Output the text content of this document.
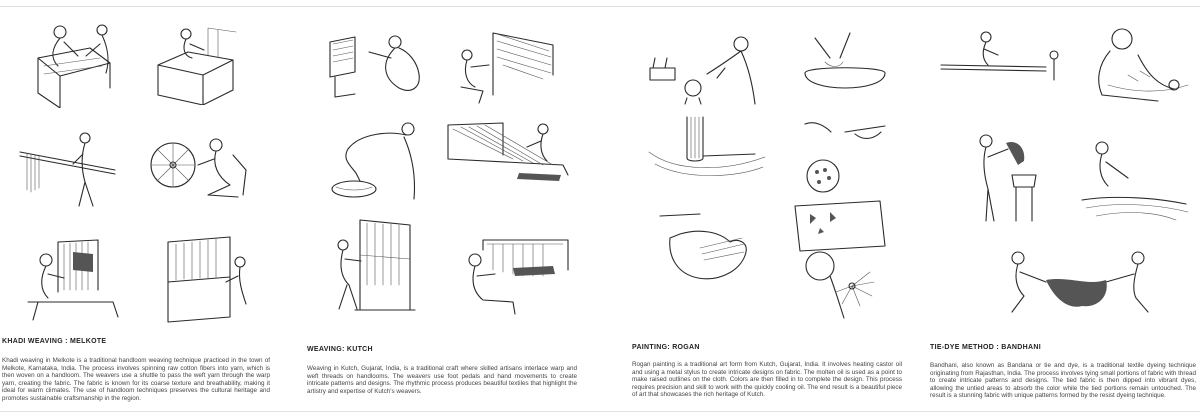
KHADI WEAVING : MELKOTE
Khadi weaving in Melkote is a traditional handloom weaving technique practiced in the town of Melkote, Karnataka, India. The process involves spinning raw cotton fibers into yarn, which is then woven on a handloom. The weavers use a shuttle to pass the weft yarn through the warp yarn, creating the fabric. The fabric is known for its coarse texture and breathability, making it ideal for warm climates. The use of handloom techniques preserves the cultural heritage and promotes sustainable craftsmanship in the region.
WEAVING: KUTCH
Weaving in Kutch, Gujarat, India, is a traditional craft where skilled artisans interlace warp and weft threads on handlooms. The weavers use foot pedals and hand movements to create intricate patterns and designs. The rhythmic process produces beautiful textiles that highlight the artistry and expertise of Kutch's weavers.
PAINTING: ROGAN
Rogan painting is a traditional art form from Kutch, Gujarat, India. It involves heating castor oil and using a metal stylus to create intricate designs on fabric. The molten oil is used as a point to make raised outlines on the cloth. Colors are then filled in to complete the design. This process requires precision and skill to work with the quickly cooling oil. The end result is a beautiful piece of art that showcases the rich heritage of Kutch.
TIE-DYE METHOD : BANDHANI
Bandhani, also known as Bandana or tie and dye, is a traditional textile dyeing technique originating from Rajasthan, India. The process involves tying small portions of fabric with thread to create intricate patterns and designs. The tied fabric is then dipped into vibrant dyes, allowing the untied areas to absorb the color while the tied portions remain untouched. The result is a stunning fabric with unique patterns formed by the resist dyeing technique.
